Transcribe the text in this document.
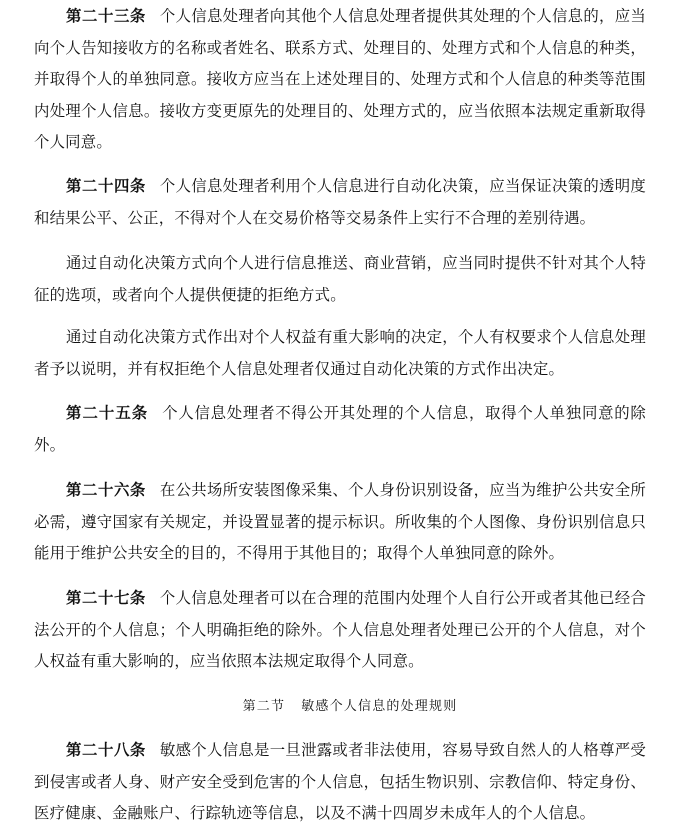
第二十三条 个人信息处理者向其他个人信息处理者提供其处理的个人信息的，应当向个人告知接收方的名称或者姓名、联系方式、处理目的、处理方式和个人信息的种类，并取得个人的单独同意。接收方应当在上述处理目的、处理方式和个人信息的种类等范围内处理个人信息。接收方变更原先的处理目的、处理方式的，应当依照本法规定重新取得个人同意。

第二十四条 个人信息处理者利用个人信息进行自动化决策，应当保证决策的透明度和结果公平、公正，不得对个人在交易价格等交易条件上实行不合理的差别待遇。

通过自动化决策方式向个人进行信息推送、商业营销，应当同时提供不针对其个人特征的选项，或者向个人提供便捷的拒绝方式。

通过自动化决策方式作出对个人权益有重大影响的决定，个人有权要求个人信息处理者予以说明，并有权拒绝个人信息处理者仅通过自动化决策的方式作出决定。

第二十五条 个人信息处理者不得公开其处理的个人信息，取得个人单独同意的除外。

第二十六条 在公共场所安装图像采集、个人身份识别设备，应当为维护公共安全所必需，遵守国家有关规定，并设置显著的提示标识。所收集的个人图像、身份识别信息只能用于维护公共安全的目的，不得用于其他目的；取得个人单独同意的除外。

第二十七条 个人信息处理者可以在合理的范围内处理个人自行公开或者其他已经合法公开的个人信息；个人明确拒绝的除外。个人信息处理者处理已公开的个人信息，对个人权益有重大影响的，应当依照本法规定取得个人同意。

第二节 敏感个人信息的处理规则

第二十八条 敏感个人信息是一旦泄露或者非法使用，容易导致自然人的人格尊严受到侵害或者人身、财产安全受到危害的个人信息，包括生物识别、宗教信仰、特定身份、医疗健康、金融账户、行踪轨迹等信息，以及不满十四周岁未成年人的个人信息。
